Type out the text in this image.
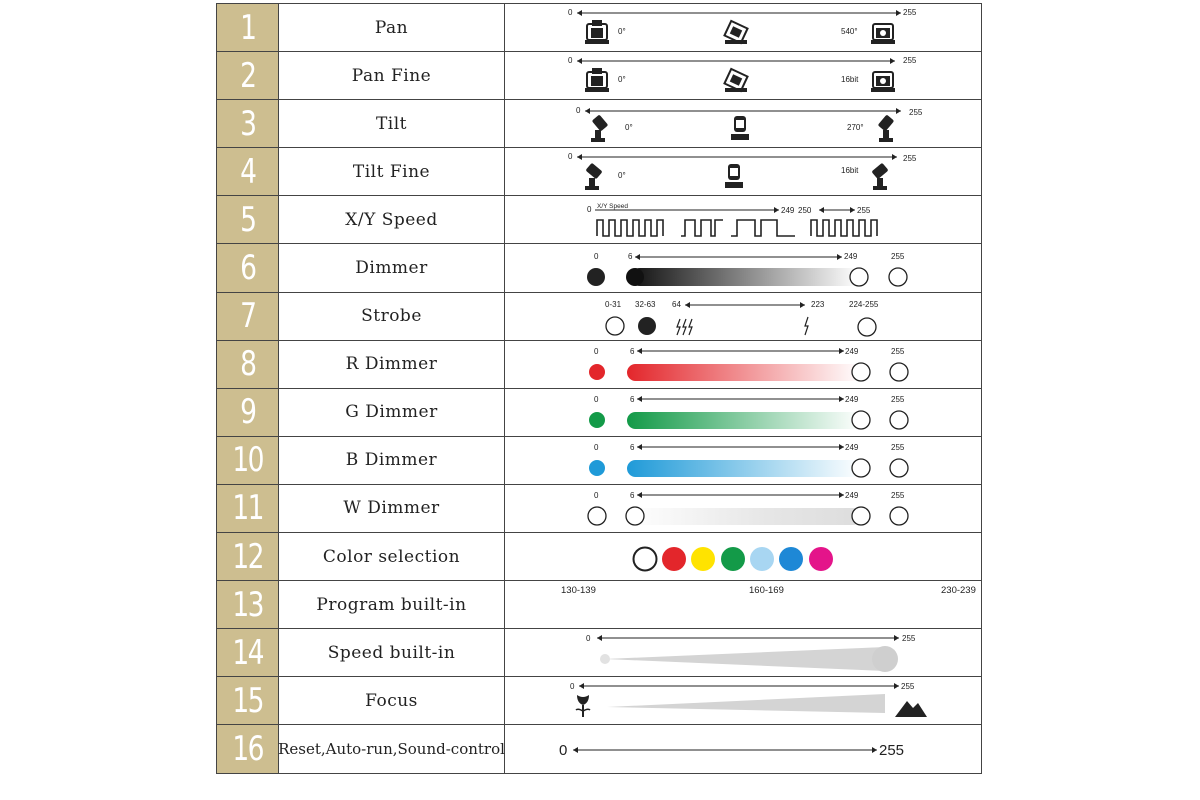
1	Pan
0	255
0°	540°
2	Pan Fine
0	255
0°	16bit
3	Tilt
0	255
0°	270°
4	Tilt Fine
0	255
0°
16bit
5	X/Y Speed
0 X/Y Speed	249 250	255
6	Dimmer
0	6	249	255
7	Strobe
0-31 32-63 64	223	224-255
8	R Dimmer
0	6	249	255
9	G Dimmer
0	6	249	255
10	B Dimmer
0	6	249	255
11	W Dimmer
0	6	249	255
12	Color selection
13	Program built-in
130-139	160-169	230-239
14	Speed built-in
0	255
15	Focus
0	255
16 Reset,Auto-run,Sound-control	0	255
